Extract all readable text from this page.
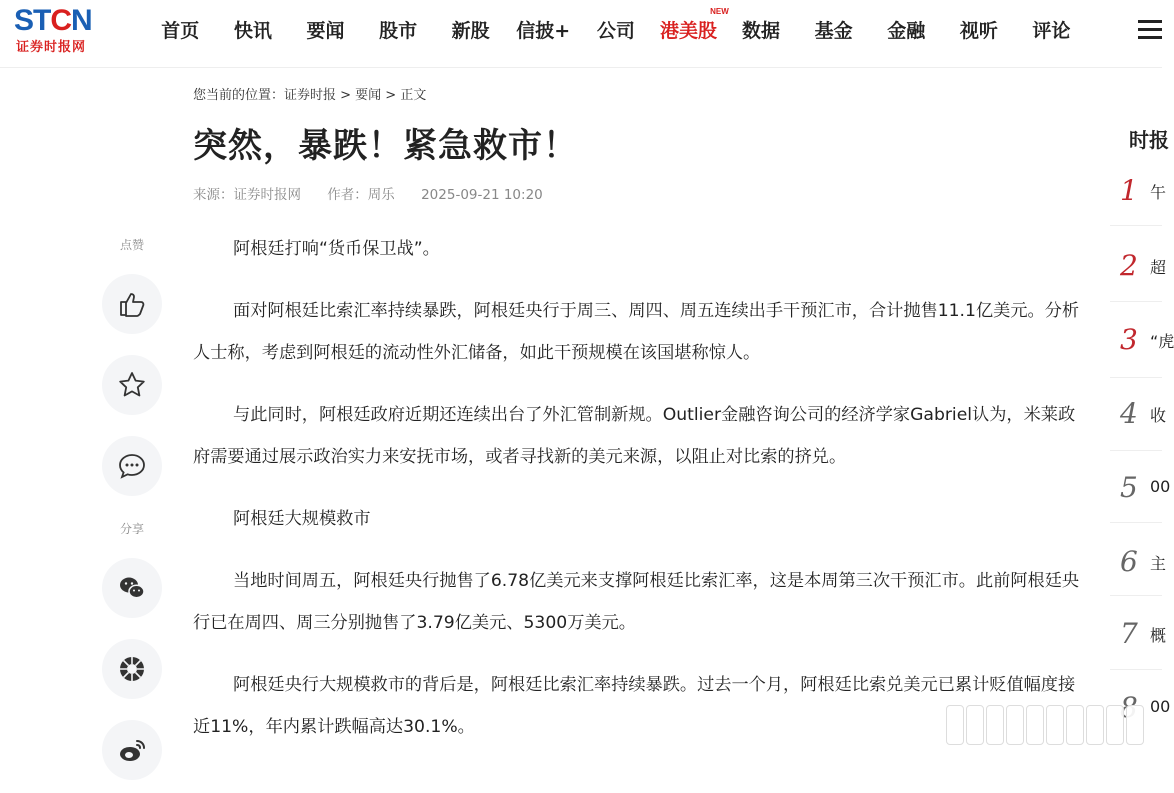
STCN
证券时报网
首页	快讯	要闻	股市	新股	信披+	公司	港美股
NEW
数据	基金	金融	视听	评论
您当前的位置：证券时报 > 要闻 > 正文
突然，暴跌！紧急救市！
来源：证券时报网 作者：周乐 2025-09-21 10:20

阿根廷打响“货币保卫战”。

面对阿根廷比索汇率持续暴跌，阿根廷央行于周三、周四、周五连续出手干预汇市，合计抛售11.1亿美元。分析人士称，考虑到阿根廷的流动性外汇储备，如此干预规模在该国堪称惊人。

与此同时，阿根廷政府近期还连续出台了外汇管制新规。Outlier金融咨询公司的经济学家Gabriel认为，米莱政府需要通过展示政治实力来安抚市场，或者寻找新的美元来源，以阻止对比索的挤兑。

阿根廷大规模救市

当地时间周五，阿根廷央行抛售了6.78亿美元来支撑阿根廷比索汇率，这是本周第三次干预汇市。此前阿根廷央行已在周四、周三分别抛售了3.79亿美元、5300万美元。

阿根廷央行大规模救市的背后是，阿根廷比索汇率持续暴跌。过去一个月，阿根廷比索兑美元已累计贬值幅度接近11%，年内累计跌幅高达30.1%。

点赞
分享
时报
1 午
2 超
3 “虎
4 收
5 00
6 主
7 概
00
